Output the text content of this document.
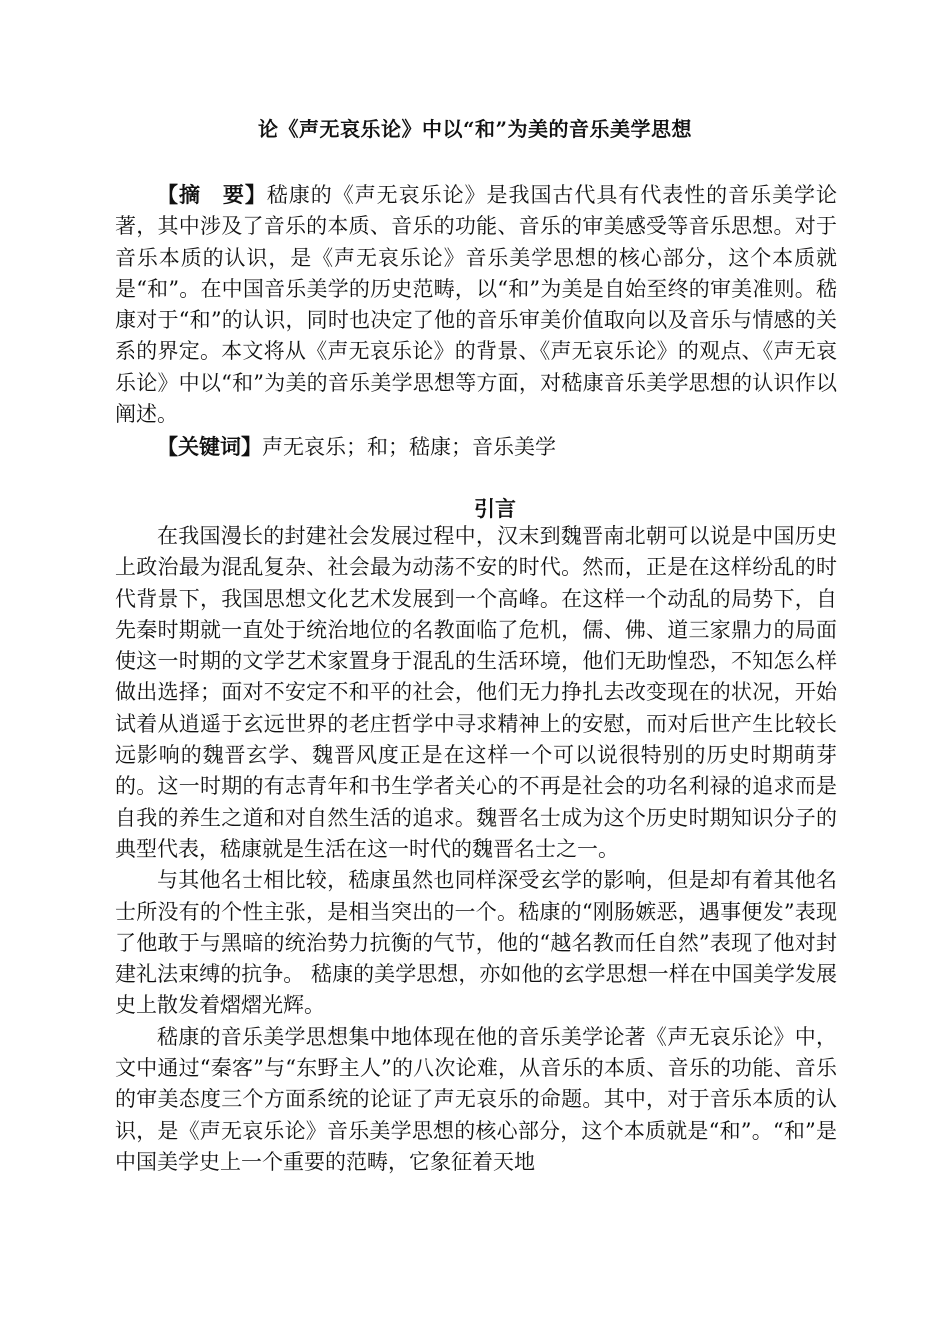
论《声无哀乐论》中以“和”为美的音乐美学思想

【摘　要】嵇康的《声无哀乐论》是我国古代具有代表性的音乐美学论著，其中涉及了音乐的本质、音乐的功能、音乐的审美感受等音乐思想。对于音乐本质的认识，是《声无哀乐论》音乐美学思想的核心部分，这个本质就是“和”。在中国音乐美学的历史范畴，以“和”为美是自始至终的审美准则。嵇康对于“和”的认识，同时也决定了他的音乐审美价值取向以及音乐与情感的关系的界定。本文将从《声无哀乐论》的背景、《声无哀乐论》的观点、《声无哀乐论》中以“和”为美的音乐美学思想等方面，对嵇康音乐美学思想的认识作以阐述。

【关键词】声无哀乐；和；嵇康；音乐美学

引言

在我国漫长的封建社会发展过程中，汉末到魏晋南北朝可以说是中国历史上政治最为混乱复杂、社会最为动荡不安的时代。然而，正是在这样纷乱的时代背景下，我国思想文化艺术发展到一个高峰。在这样一个动乱的局势下，自先秦时期就一直处于统治地位的名教面临了危机，儒、佛、道三家鼎力的局面使这一时期的文学艺术家置身于混乱的生活环境，他们无助惶恐，不知怎么样做出选择；面对不安定不和平的社会，他们无力挣扎去改变现在的状况，开始试着从逍遥于玄远世界的老庄哲学中寻求精神上的安慰，而对后世产生比较长远影响的魏晋玄学、魏晋风度正是在这样一个可以说很特别的历史时期萌芽的。这一时期的有志青年和书生学者关心的不再是社会的功名利禄的追求而是自我的养生之道和对自然生活的追求。魏晋名士成为这个历史时期知识分子的典型代表，嵇康就是生活在这一时代的魏晋名士之一。

与其他名士相比较，嵇康虽然也同样深受玄学的影响，但是却有着其他名士所没有的个性主张，是相当突出的一个。嵇康的“刚肠嫉恶，遇事便发”表现了他敢于与黑暗的统治势力抗衡的气节，他的“越名教而任自然”表现了他对封建礼法束缚的抗争。 嵇康的美学思想，亦如他的玄学思想一样在中国美学发展史上散发着熠熠光辉。

嵇康的音乐美学思想集中地体现在他的音乐美学论著《声无哀乐论》中，文中通过“秦客”与“东野主人”的八次论难，从音乐的本质、音乐的功能、音乐的审美态度三个方面系统的论证了声无哀乐的命题。其中，对于音乐本质的认识，是《声无哀乐论》音乐美学思想的核心部分，这个本质就是“和”。“和”是中国美学史上一个重要的范畴，它象征着天地
